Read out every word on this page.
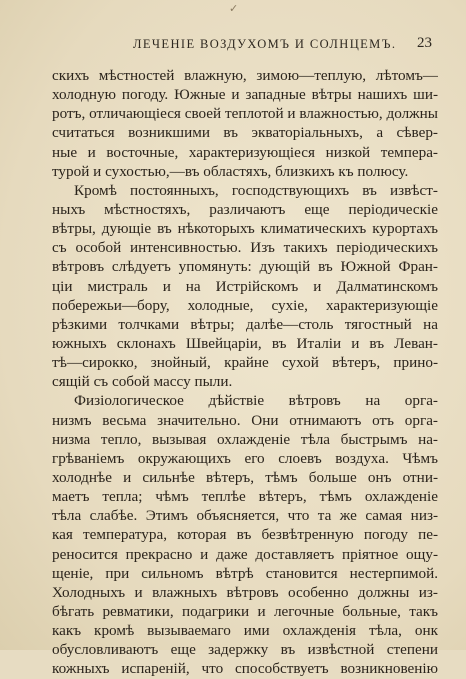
✓
ЛЕЧЕНІЕ ВОЗДУХОМЪ И СОЛНЦЕМЪ. 23
скихъ мѣстностей влажную, зимою—теплую, лѣтомъ—
холодную погоду. Южные и западные вѣтры нашихъ ши-
ротъ, отличающіеся своей теплотой и влажностью, должны
считаться возникшими въ экваторіальныхъ, а сѣвер-
ные и восточные, характеризующіеся низкой темпера-
турой и сухостью,—въ областяхъ, близкихъ къ полюсу.
Кромѣ постоянныхъ, господствующихъ въ извѣст-
ныхъ мѣстностяхъ, различаютъ еще періодическіе
вѣтры, дующіе въ нѣкоторыхъ климатическихъ курортахъ
съ особой интенсивностью. Изъ такихъ періодическихъ
вѣтровъ слѣдуетъ упомянуть: дующій въ Южной Фран-
ціи мистраль и на Истрійскомъ и Далматинскомъ
побережьи—бору, холодные, сухіе, характеризующіе
рѣзкими толчками вѣтры; далѣе—столь тягостный на
южныхъ склонахъ Швейцаріи, въ Италіи и въ Леван-
тѣ—сирокко, знойный, крайне сухой вѣтеръ, прино-
сящій съ собой массу пыли.
Физіологическое дѣйствіе вѣтровъ на орга-
низмъ весьма значительно. Они отнимаютъ отъ орга-
низма тепло, вызывая охлажденіе тѣла быстрымъ на-
грѣваніемъ окружающихъ его слоевъ воздуха. Чѣмъ
холоднѣе и сильнѣе вѣтеръ, тѣмъ больше онъ отни-
маетъ тепла; чѣмъ теплѣе вѣтеръ, тѣмъ охлажденіе
тѣла слабѣе. Этимъ объясняется, что та же самая низ-
кая температура, которая въ безвѣтренную погоду пе-
реносится прекрасно и даже доставляетъ пріятное ощу-
щеніе, при сильномъ вѣтрѣ становится нестерпимой.
Холодныхъ и влажныхъ вѣтровъ особенно должны из-
бѣгать ревматики, подагрики и легочные больные, такъ
какъ кромѣ вызываемаго ими охлажденія тѣла, онк
обусловливаютъ еще задержку въ извѣстной степени
кожныхъ испареній, что способствуетъ возникновенію
